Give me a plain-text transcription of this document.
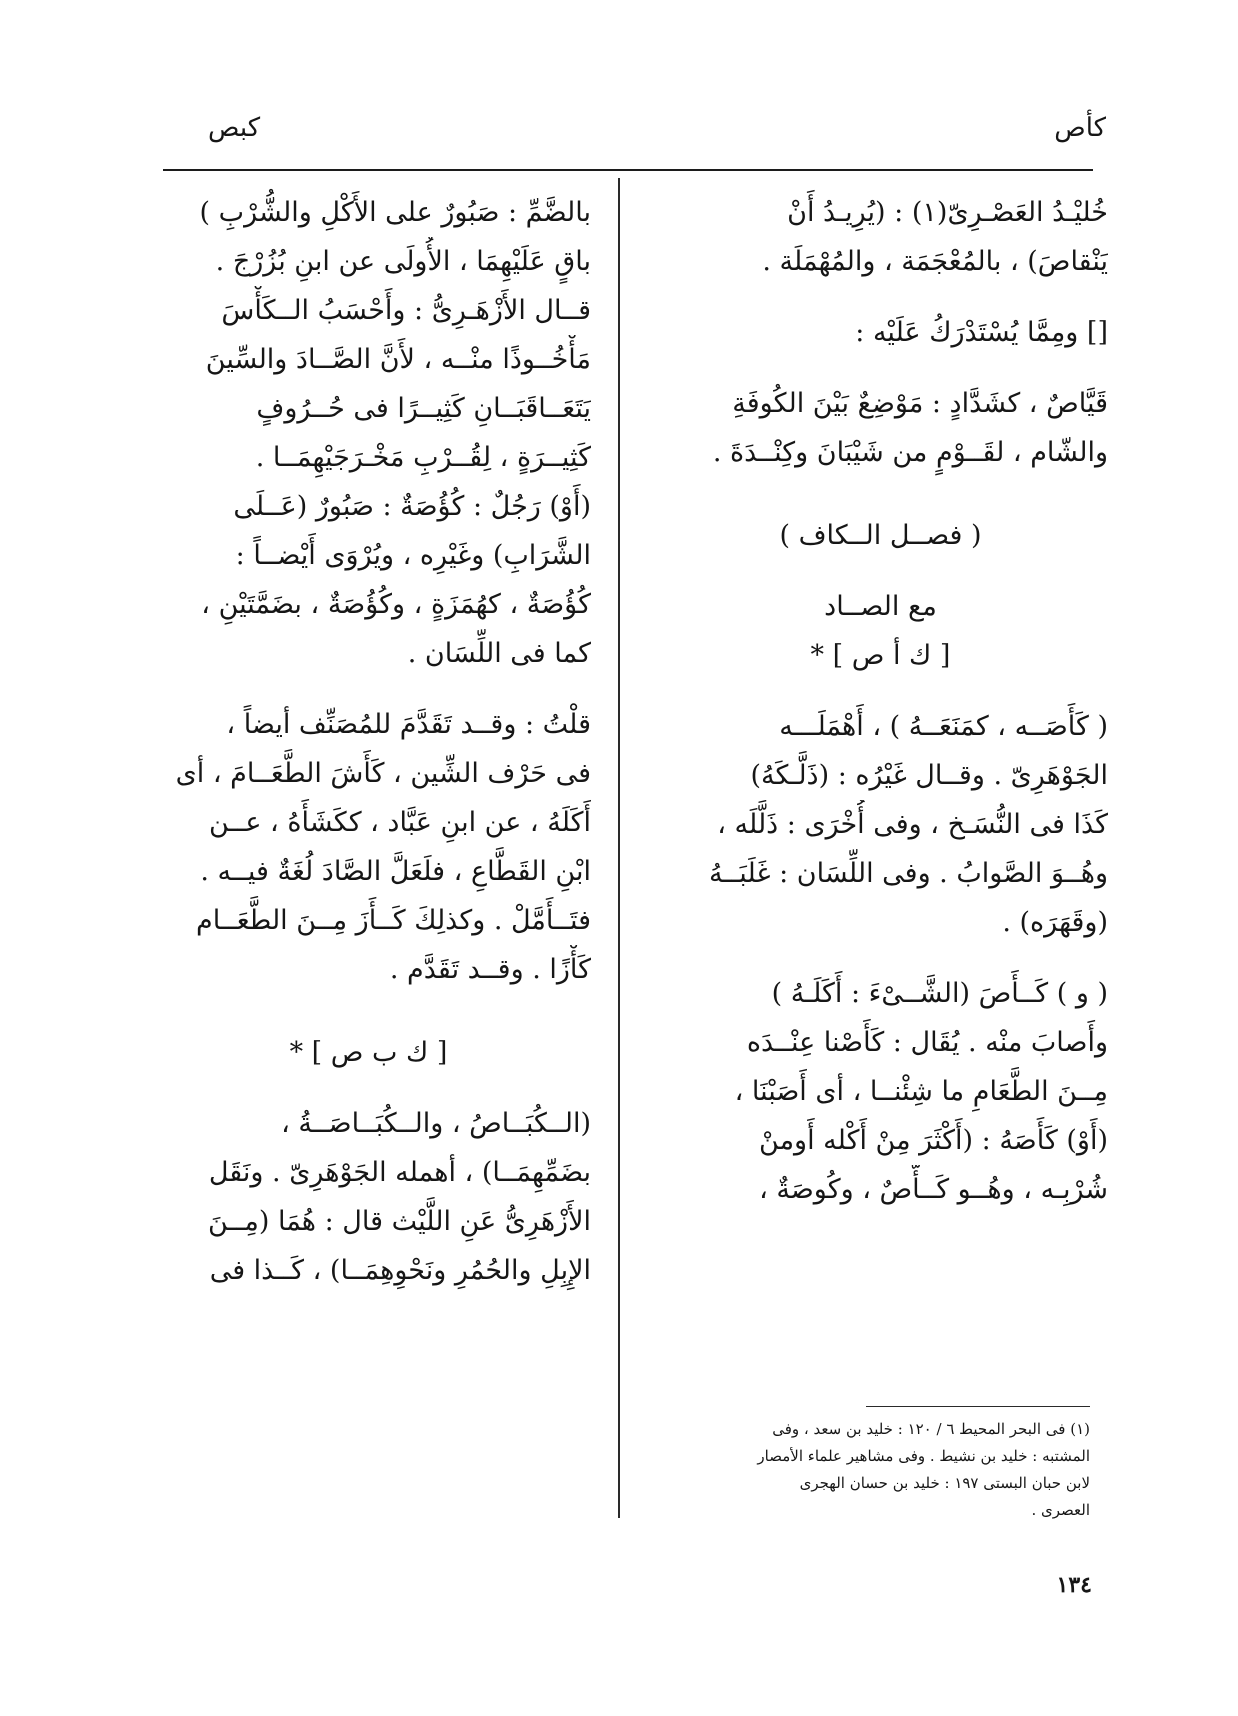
كأص
كبص
خُليْـدُ العَصْـرِىّ(١) : (يُرِيـدُ أَنْ
يَنْقاصَ) ، بالمُعْجَمَة ، والمُهْمَلَة .
[] ومِمَّا يُسْتَدْرَكُ عَلَيْه :
قَيَّاصٌ ، كشَدَّادٍ : مَوْضِعٌ بَيْنَ الكُوفَةِ
والشّام ، لقَــوْمٍ من شَيْبَانَ وكِنْــدَةَ .
( فصــل الــكاف )
مع الصــاد
[ ك أ ص ] *
( كَأَصَــه ، كمَنَعَــهُ ) ، أَهْمَلَـــه
الجَوْهَرِىّ . وقــال غَيْرُه : (ذَلَّـكَهُ)
كَذَا فى النُّسَـخ ، وفى أُخْرَى : ذَلَّلَه ،
وهُــوَ الصَّوابُ . وفى اللِّسَان : غَلَبَــهُ
(وقَهَرَه) .
( و ) كَــأَصَ (الشَّــىْءَ : أَكَلَـهُ )
وأَصابَ منْه . يُقَال : كَأَصْنا عِنْــدَه
مِــنَ الطَّعَامِ ما شِئْنــا ، أى أَصَبْنَا ،
(أَوْ) كَأَصَهُ : (أَكْثَرَ مِنْ أَكْله أَومنْ
شُرْبِـه ، وهُــو كَــأَّصٌ ، وكُوصَةٌ ،
بالضَّمِّ : صَبُورٌ على الأَكْلِ والشُّرْبِ )
باقٍ عَلَيْهِمَا ، الأُولَى عن ابنِ بُزُرْجَ .
قــال الأَزْهَـرِىُّ : وأَحْسَبُ الــكَأْسَ
مَأْخُــوذًا منْــه ، لأَنَّ الصَّــادَ والسِّينَ
يَتَعَــاقَبَــانِ كَثِيــرًا فى حُــرُوفٍ
كَثِيــرَةٍ ، لِقُــرْبِ مَخْـرَجَيْهِمَــا .
(أَوْ) رَجُلٌ : كُؤُصَةٌ : صَبُورٌ (عَــلَى
الشَّرَابِ) وغَيْرِه ، ويُرْوَى أَيْضــاً :
كُؤُصَةٌ ، كهُمَزَةٍ ، وكُؤُصَةٌ ، بضَمَّتَيْنِ ،
كما فى اللِّسَان .
قلْتُ : وقــد تَقَدَّمَ للمُصَنِّف أيضاً ،
فى حَرْف الشِّين ، كَأَشَ الطَّعَــامَ ، أى
أَكَلَهُ ، عن ابنِ عَبَّاد ، ككَشَأَهُ ، عــن
ابْنِ القَطَّاعِ ، فلَعَلَّ الصَّادَ لُغَةٌ فيــه .
فتَــأَمَّلْ . وكذلِكَ كَــأَزَ مِــنَ الطَّعَــام
كَأْزًا . وقــد تَقَدَّم .
[ ك ب ص ] *
(الــكُبَــاصُ ، والــكُبَــاصَــةُ ،
بضَمِّهِمَــا) ، أهمله الجَوْهَرِىّ . ونَقَل
الأَزْهَرِىُّ عَنِ اللَّيْث قال : هُمَا (مِــنَ
الإِبِلِ والحُمُرِ ونَحْوِهِمَــا) ، كَــذا فى
(١) فى البحر المحيط ٦ / ١٢٠ : خليد بن سعد ، وفى
المشتبه : خليد بن نشيط . وفى مشاهير علماء الأمصار
لابن حبان البستى ١٩٧ : خليد بن حسان الهجرى
العصرى .
١٣٤
